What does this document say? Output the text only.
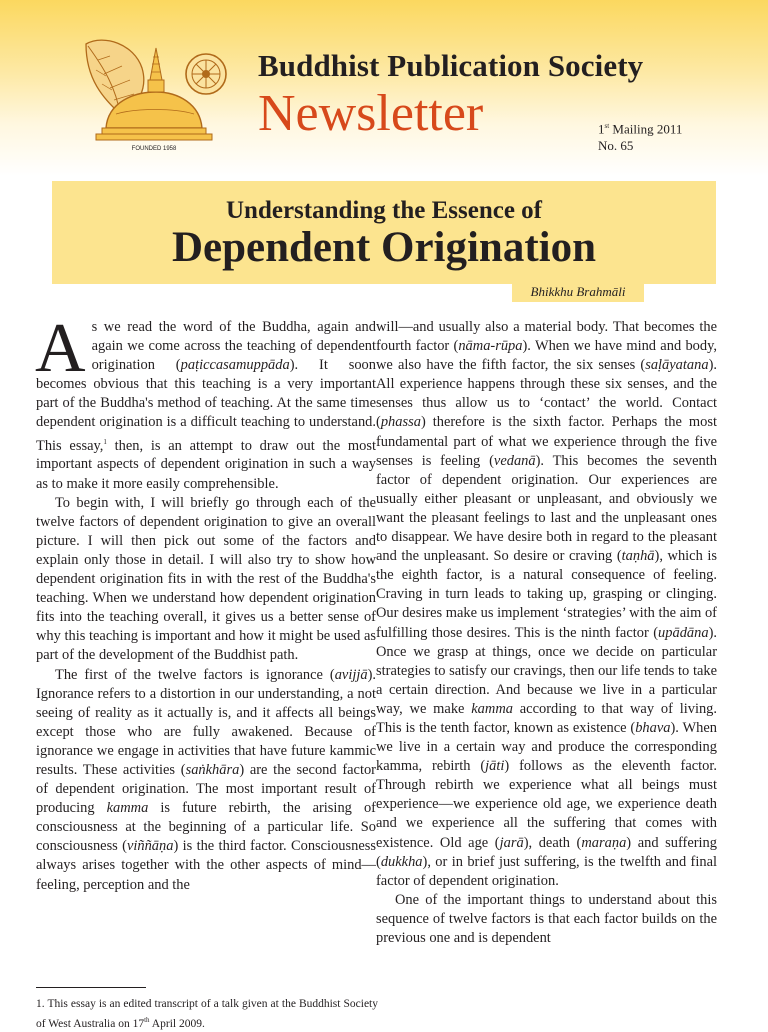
FOUNDED 1958
Buddhist Publication Society
Newsletter	1st Mailing 2011
No. 65
Understanding the Essence of
Dependent Origination
Bhikkhu Brahmāli

As we read the word of the Buddha, again and again we come across the teaching of dependent origination (paṭiccasamuppāda). It soon becomes obvious that this teaching is a very important part of the Buddha's method of teaching. At the same time dependent origination is a difficult teaching to understand. This essay,$^1$ then, is an attempt to draw out the most important aspects of dependent origination in such a way as to make it more easily comprehensible.

To begin with, I will briefly go through each of the twelve factors of dependent origination to give an overall picture. I will then pick out some of the factors and explain only those in detail. I will also try to show how dependent origination fits in with the rest of the Buddha's teaching. When we understand how dependent origination fits into the teaching overall, it gives us a better sense of why this teaching is important and how it might be used as part of the development of the Buddhist path.

The first of the twelve factors is ignorance (avijjā). Ignorance refers to a distortion in our understanding, a not seeing of reality as it actually is, and it affects all beings except those who are fully awakened. Because of ignorance we engage in activities that have future kammic results. These activities (saṅkhāra) are the second factor of dependent origination. The most important result of producing kamma is future rebirth, the arising of consciousness at the beginning of a particular life. So consciousness (viññāṇa) is the third factor. Consciousness always arises together with the other aspects of mind—feeling, perception and the

will—and usually also a material body. That becomes the fourth factor (nāma-rūpa). When we have mind and body, we also have the fifth factor, the six senses (saḷāyatana). All experience happens through these six senses, and the senses thus allow us to ‘contact’ the world. Contact (phassa) therefore is the sixth factor. Perhaps the most fundamental part of what we experience through the five senses is feeling (vedanā). This becomes the seventh factor of dependent origination. Our experiences are usually either pleasant or unpleasant, and obviously we want the pleasant feelings to last and the unpleasant ones to disappear. We have desire both in regard to the pleasant and the unpleasant. So desire or craving (taṇhā), which is the eighth factor, is a natural consequence of feeling. Craving in turn leads to taking up, grasping or clinging. Our desires make us implement ‘strategies’ with the aim of fulfilling those desires. This is the ninth factor (upādāna). Once we grasp at things, once we decide on particular strategies to satisfy our cravings, then our life tends to take a certain direction. And because we live in a particular way, we make kamma according to that way of living. This is the tenth factor, known as existence (bhava). When we live in a certain way and produce the corresponding kamma, rebirth (jāti) follows as the eleventh factor. Through rebirth we experience what all beings must experience—we experience old age, we experience death and we experience all the suffering that comes with existence. Old age (jarā), death (maraṇa) and suffering (dukkha), or in brief just suffering, is the twelfth and final factor of dependent origination.

One of the important things to understand about this sequence of twelve factors is that each factor builds on the previous one and is dependent

1. This essay is an edited transcript of a talk given at the Buddhist Society of West Australia on 17th April 2009.
